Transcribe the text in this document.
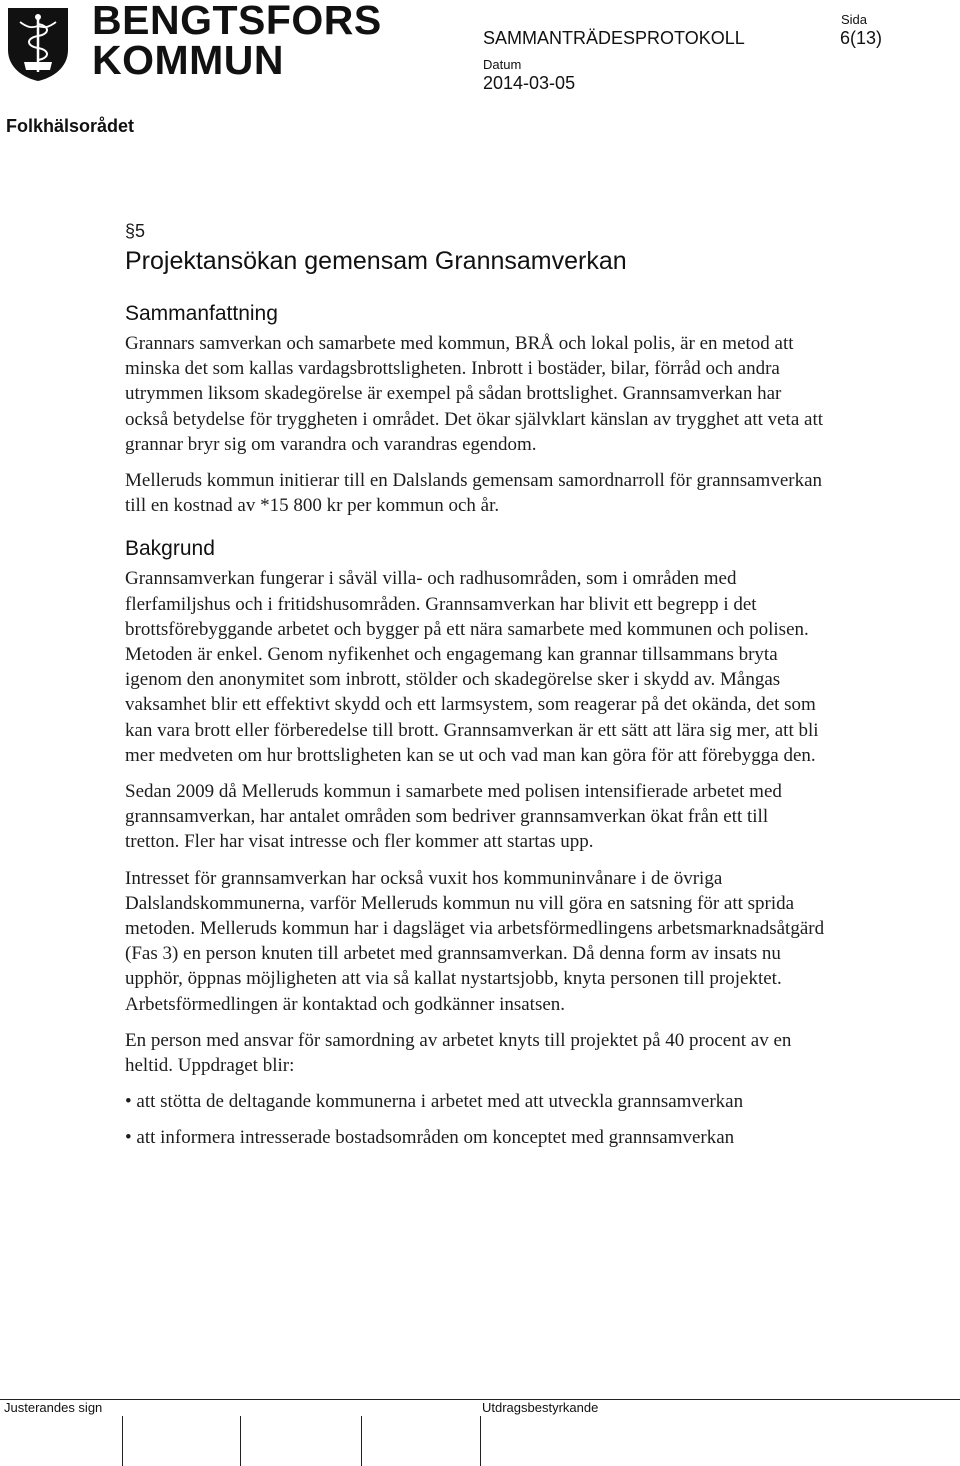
BENGTSFORS
KOMMUN	SAMMANTRÄDESPROTOKOLL
Sida
6(13)
Datum
2014-03-05
Folkhälsorådet
§5
Projektansökan gemensam Grannsamverkan
Sammanfattning

Grannars samverkan och samarbete med kommun, BRÅ och lokal polis, är en metod att minska det som kallas vardagsbrottsligheten. Inbrott i bostäder, bilar, förråd och andra utrymmen liksom skadegörelse är exempel på sådan brottslighet. Grannsamverkan har också betydelse för tryggheten i området. Det ökar självklart känslan av trygghet att veta att grannar bryr sig om varandra och varandras egendom.

Melleruds kommun initierar till en Dalslands gemensam samordnarroll för grannsamverkan till en kostnad av *15 800 kr per kommun och år.

Bakgrund

Grannsamverkan fungerar i såväl villa- och radhusområden, som i områden med flerfamiljshus och i fritidshusområden. Grannsamverkan har blivit ett begrepp i det brottsförebyggande arbetet och bygger på ett nära samarbete med kommunen och polisen. Metoden är enkel. Genom nyfikenhet och engagemang kan grannar tillsammans bryta igenom den anonymitet som inbrott, stölder och skadegörelse sker i skydd av. Mångas vaksamhet blir ett effektivt skydd och ett larmsystem, som reagerar på det okända, det som kan vara brott eller förberedelse till brott. Grannsamverkan är ett sätt att lära sig mer, att bli mer medveten om hur brottsligheten kan se ut och vad man kan göra för att förebygga den.

Sedan 2009 då Melleruds kommun i samarbete med polisen intensifierade arbetet med grannsamverkan, har antalet områden som bedriver grannsamverkan ökat från ett till tretton. Fler har visat intresse och fler kommer att startas upp.

Intresset för grannsamverkan har också vuxit hos kommuninvånare i de övriga Dalslandskommunerna, varför Melleruds kommun nu vill göra en satsning för att sprida metoden. Melleruds kommun har i dagsläget via arbetsförmedlingens arbetsmarknadsåtgärd (Fas 3) en person knuten till arbetet med grannsamverkan. Då denna form av insats nu upphör, öppnas möjligheten att via så kallat nystartsjobb, knyta personen till projektet. Arbetsförmedlingen är kontaktad och godkänner insatsen.

En person med ansvar för samordning av arbetet knyts till projektet på 40 procent av en heltid. Uppdraget blir:

• att stötta de deltagande kommunerna i arbetet med att utveckla grannsamverkan
• att informera intresserade bostadsområden om konceptet med grannsamverkan
Justerandes sign	Utdragsbestyrkande
